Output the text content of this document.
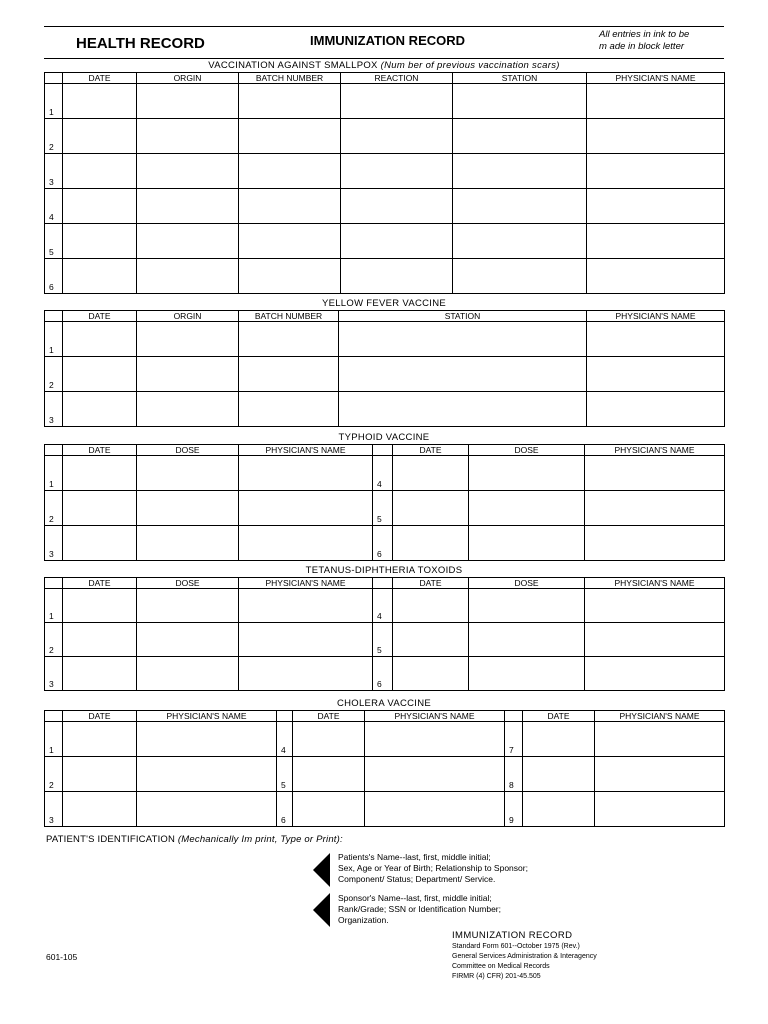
HEALTH RECORD	IMMUNIZATION RECORD	All entries in ink to be
m ade in block letter
VACCINATION AGAINST SMALLPOX (Num ber of previous vaccination scars)
	DATE	ORGIN	BATCH NUMBER	REACTION	STATION	PHYSICIAN'S NAME
1						
2						
3						
4						
5						
6						
YELLOW FEVER VACCINE
	DATE	ORGIN	BATCH NUMBER	STATION	PHYSICIAN'S NAME
1					
2					
3					
TYPHOID VACCINE
	DATE	DOSE	PHYSICIAN'S NAME		DATE	DOSE	PHYSICIAN'S NAME
1				4			
2				5			
3				6			
TETANUS-DIPHTHERIA TOXOIDS
	DATE	DOSE	PHYSICIAN'S NAME		DATE	DOSE	PHYSICIAN'S NAME
1				4			
2				5			
3				6			
CHOLERA VACCINE
	DATE	PHYSICIAN'S NAME		DATE	PHYSICIAN'S NAME		DATE	PHYSICIAN'S NAME
1			4			7		
2			5			8		
3			6			9		
PATIENT'S IDENTIFICATION (Mechanically Im print, Type or Print):
Patients's Name--last, first, middle initial;
Sex, Age or Year of Birth; Relationship to Sponsor;
Component/ Status; Department/ Service.
Sponsor's Name--last, first, middle initial;
Rank/Grade; SSN or Identification Number;
Organization.
IMMUNIZATION RECORD
Standard Form 601--October 1975 (Rev.)
General Services Administration & Interagency
Committee on Medical Records
FIRMR (4) CFR) 201-45.505
601-105
